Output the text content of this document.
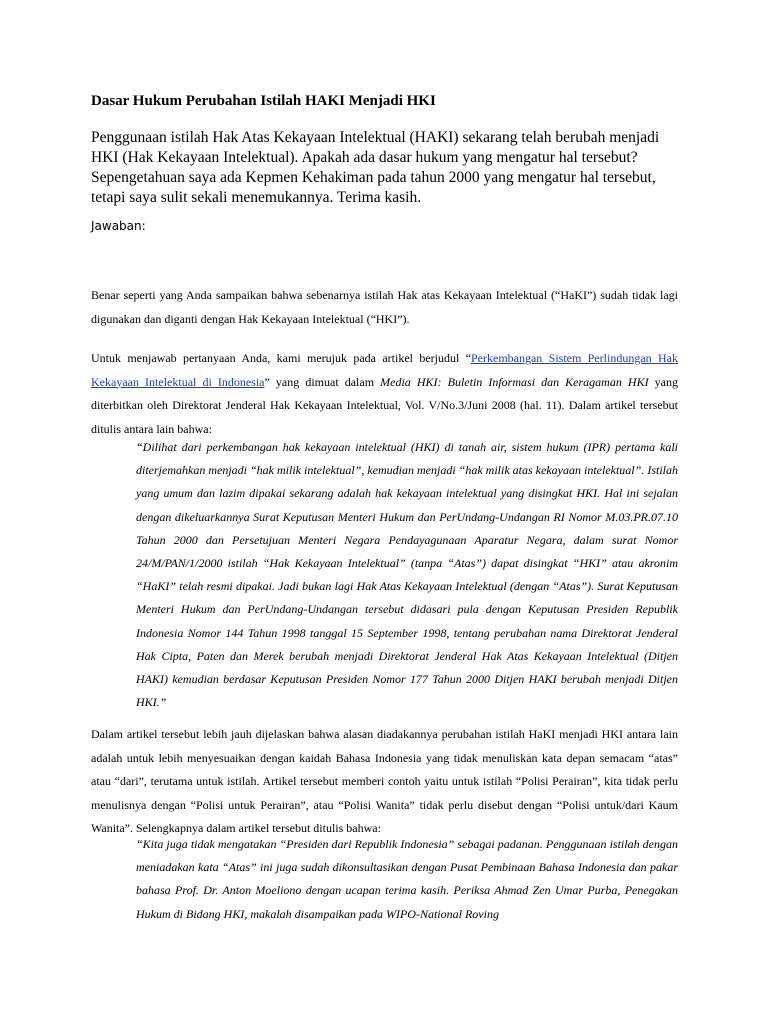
Dasar Hukum Perubahan Istilah HAKI Menjadi HKI

Penggunaan istilah Hak Atas Kekayaan Intelektual (HAKI) sekarang telah berubah menjadi HKI (Hak Kekayaan Intelektual). Apakah ada dasar hukum yang mengatur hal tersebut? Sepengetahuan saya ada Kepmen Kehakiman pada tahun 2000 yang mengatur hal tersebut, tetapi saya sulit sekali menemukannya. Terima kasih.

Jawaban:

Benar seperti yang Anda sampaikan bahwa sebenarnya istilah Hak atas Kekayaan Intelektual (“HaKI”) sudah tidak lagi digunakan dan diganti dengan Hak Kekayaan Intelektual (“HKI”).

Untuk menjawab pertanyaan Anda, kami merujuk pada artikel berjudul “Perkembangan Sistem Perlindungan Hak Kekayaan Intelektual di Indonesia” yang dimuat dalam Media HKI: Buletin Informasi dan Keragaman HKI yang diterbitkan oleh Direktorat Jenderal Hak Kekayaan Intelektual, Vol. V/No.3/Juni 2008 (hal. 11). Dalam artikel tersebut ditulis antara lain bahwa:

“Dilihat dari perkembangan hak kekayaan intelektual (HKI) di tanah air, sistem hukum (IPR) pertama kali diterjemahkan menjadi “hak milik intelektual”, kemudian menjadi “hak milik atas kekayaan intelektual”. Istilah yang umum dan lazim dipakai sekarang adalah hak kekayaan intelektual yang disingkat HKI. Hal ini sejalan dengan dikeluarkannya Surat Keputusan Menteri Hukum dan PerUndang-Undangan RI Nomor M.03.PR.07.10 Tahun 2000 dan Persetujuan Menteri Negara Pendayagunaan Aparatur Negara, dalam surat Nomor 24/M/PAN/1/2000 istilah “Hak Kekayaan Intelektual” (tanpa “Atas”) dapat disingkat “HKI” atau akronim “HaKI” telah resmi dipakai. Jadi bukan lagi Hak Atas Kekayaan Intelektual (dengan “Atas”). Surat Keputusan Menteri Hukum dan PerUndang-Undangan tersebut didasari pula dengan Keputusan Presiden Republik Indonesia Nomor 144 Tahun 1998 tanggal 15 September 1998, tentang perubahan nama Direktorat Jenderal Hak Cipta, Paten dan Merek berubah menjadi Direktorat Jenderal Hak Atas Kekayaan Intelektual (Ditjen HAKI) kemudian berdasar Keputusan Presiden Nomor 177 Tahun 2000 Ditjen HAKI berubah menjadi Ditjen HKI.”

Dalam artikel tersebut lebih jauh dijelaskan bahwa alasan diadakannya perubahan istilah HaKI menjadi HKI antara lain adalah untuk lebih menyesuaikan dengan kaidah Bahasa Indonesia yang tidak menuliskan kata depan semacam “atas” atau “dari”, terutama untuk istilah. Artikel tersebut memberi contoh yaitu untuk istilah “Polisi Perairan”, kita tidak perlu menulisnya dengan “Polisi untuk Perairan”, atau “Polisi Wanita” tidak perlu disebut dengan “Polisi untuk/dari Kaum Wanita”. Selengkapnya dalam artikel tersebut ditulis bahwa:

“Kita juga tidak mengatakan “Presiden dari Republik Indonesia” sebagai padanan. Penggunaan istilah dengan meniadakan kata “Atas” ini juga sudah dikonsultasikan dengan Pusat Pembinaan Bahasa Indonesia dan pakar bahasa Prof. Dr. Anton Moeliono dengan ucapan terima kasih. Periksa Ahmad Zen Umar Purba, Penegakan Hukum di Bidang HKI, makalah disampaikan pada WIPO-National Roving
